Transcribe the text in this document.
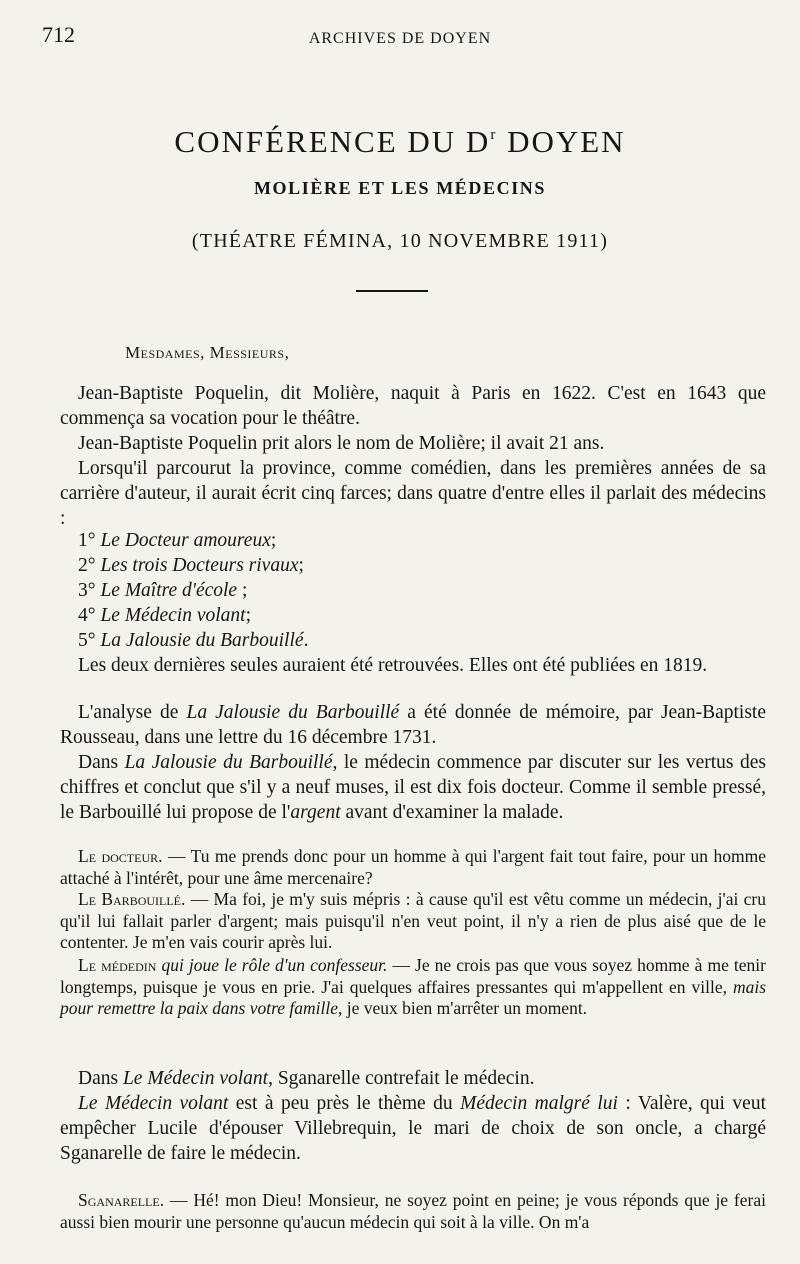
712	ARCHIVES DE DOYEN
CONFÉRENCE DU $D^r$ DOYEN
MOLIÈRE ET LES MÉDECINS
(THÉATRE FÉMINA, 10 NOVEMBRE 1911)
Mesdames, Messieurs,
Jean-Baptiste Poquelin, dit Molière, naquit à Paris en 1622. C'est en 1643 que commença sa vocation pour le théâtre.
Jean-Baptiste Poquelin prit alors le nom de Molière; il avait 21 ans.
Lorsqu'il parcourut la province, comme comédien, dans les premières années de sa carrière d'auteur, il aurait écrit cinq farces; dans quatre d'entre elles il parlait des médecins :
1° Le Docteur amoureux;
2° Les trois Docteurs rivaux;
3° Le Maître d'école ;
4° Le Médecin volant;
5° La Jalousie du Barbouillé.
Les deux dernières seules auraient été retrouvées. Elles ont été publiées en 1819.
L'analyse de La Jalousie du Barbouillé a été donnée de mémoire, par Jean-Baptiste Rousseau, dans une lettre du 16 décembre 1731.
Dans La Jalousie du Barbouillé, le médecin commence par discuter sur les vertus des chiffres et conclut que s'il y a neuf muses, il est dix fois docteur. Comme il semble pressé, le Barbouillé lui propose de l'argent avant d'examiner la malade.
Le docteur. — Tu me prends donc pour un homme à qui l'argent fait tout faire, pour un homme attaché à l'intérêt, pour une âme mercenaire?
Le Barbouillé. — Ma foi, je m'y suis mépris : à cause qu'il est vêtu comme un médecin, j'ai cru qu'il lui fallait parler d'argent; mais puisqu'il n'en veut point, il n'y a rien de plus aisé que de le contenter. Je m'en vais courir après lui.
Le médedin qui joue le rôle d'un confesseur. — Je ne crois pas que vous soyez homme à me tenir longtemps, puisque je vous en prie. J'ai quelques affaires pressantes qui m'appellent en ville, mais pour remettre la paix dans votre famille, je veux bien m'arrêter un moment.
Dans Le Médecin volant, Sganarelle contrefait le médecin.
Le Médecin volant est à peu près le thème du Médecin malgré lui : Valère, qui veut empêcher Lucile d'épouser Villebrequin, le mari de choix de son oncle, a chargé Sganarelle de faire le médecin.
Sganarelle. — Hé! mon Dieu! Monsieur, ne soyez point en peine; je vous réponds que je ferai aussi bien mourir une personne qu'aucun médecin qui soit à la ville. On m'a
